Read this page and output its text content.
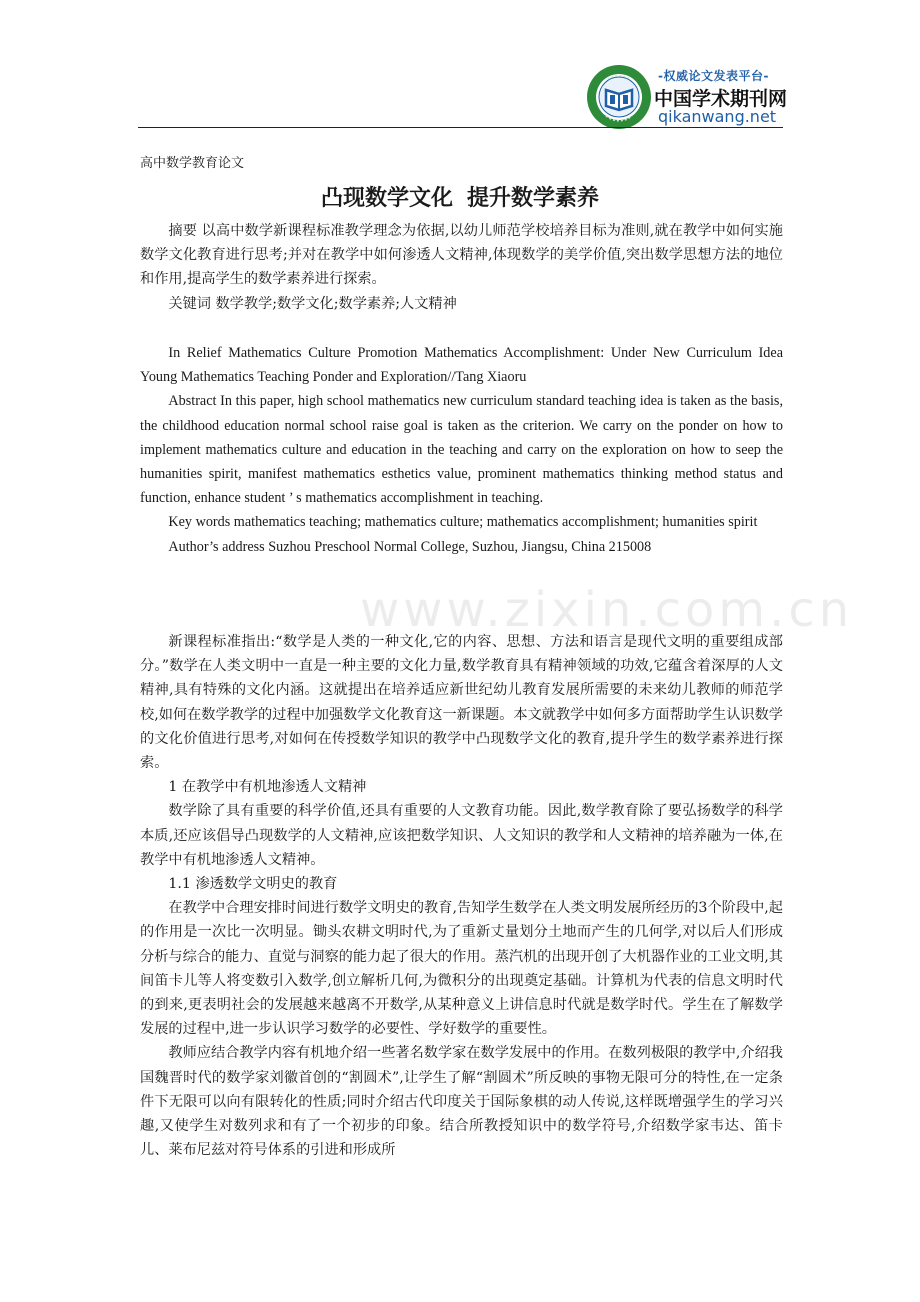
-权威论文发表平台-
中国学术期刊网
qikanwang.net
高中数学教育论文
凸现数学文化 提升数学素养

摘要 以高中数学新课程标准教学理念为依据,以幼儿师范学校培养目标为准则,就在教学中如何实施数学文化教育进行思考;并对在教学中如何渗透人文精神,体现数学的美学价值,突出数学思想方法的地位和作用,提高学生的数学素养进行探索。

关键词 数学教学;数学文化;数学素养;人文精神

In Relief Mathematics Culture Promotion Mathematics Accomplishment: Under New Curriculum Idea Young Mathematics Teaching Ponder and Exploration//Tang Xiaoru

Abstract In this paper, high school mathematics new curriculum standard teaching idea is taken as the basis, the childhood education normal school raise goal is taken as the criterion. We carry on the ponder on how to implement mathematics culture and education in the teaching and carry on the exploration on how to seep the humanities spirit, manifest mathematics esthetics value, prominent mathematics thinking method status and function, enhance student ’ s mathematics accomplishment in teaching.

Key words mathematics teaching; mathematics culture; mathematics accomplishment; humanities spirit

Author’s address Suzhou Preschool Normal College, Suzhou, Jiangsu, China 215008

www.zixin.com.cn

新课程标准指出:“数学是人类的一种文化,它的内容、思想、方法和语言是现代文明的重要组成部分。”数学在人类文明中一直是一种主要的文化力量,数学教育具有精神领域的功效,它蕴含着深厚的人文精神,具有特殊的文化内涵。这就提出在培养适应新世纪幼儿教育发展所需要的未来幼儿教师的师范学校,如何在数学教学的过程中加强数学文化教育这一新课题。本文就教学中如何多方面帮助学生认识数学的文化价值进行思考,对如何在传授数学知识的教学中凸现数学文化的教育,提升学生的数学素养进行探索。

1 在教学中有机地渗透人文精神

数学除了具有重要的科学价值,还具有重要的人文教育功能。因此,数学教育除了要弘扬数学的科学本质,还应该倡导凸现数学的人文精神,应该把数学知识、人文知识的教学和人文精神的培养融为一体,在教学中有机地渗透人文精神。

1.1 渗透数学文明史的教育

在教学中合理安排时间进行数学文明史的教育,告知学生数学在人类文明发展所经历的3个阶段中,起的作用是一次比一次明显。锄头农耕文明时代,为了重新丈量划分土地而产生的几何学,对以后人们形成分析与综合的能力、直觉与洞察的能力起了很大的作用。蒸汽机的出现开创了大机器作业的工业文明,其间笛卡儿等人将变数引入数学,创立解析几何,为微积分的出现奠定基础。计算机为代表的信息文明时代的到来,更表明社会的发展越来越离不开数学,从某种意义上讲信息时代就是数学时代。学生在了解数学发展的过程中,进一步认识学习数学的必要性、学好数学的重要性。

教师应结合教学内容有机地介绍一些著名数学家在数学发展中的作用。在数列极限的教学中,介绍我国魏晋时代的数学家刘徽首创的“割圆术”,让学生了解“割圆术”所反映的事物无限可分的特性,在一定条件下无限可以向有限转化的性质;同时介绍古代印度关于国际象棋的动人传说,这样既增强学生的学习兴趣,又使学生对数列求和有了一个初步的印象。结合所教授知识中的数学符号,介绍数学家韦达、笛卡儿、莱布尼兹对符号体系的引进和形成所
